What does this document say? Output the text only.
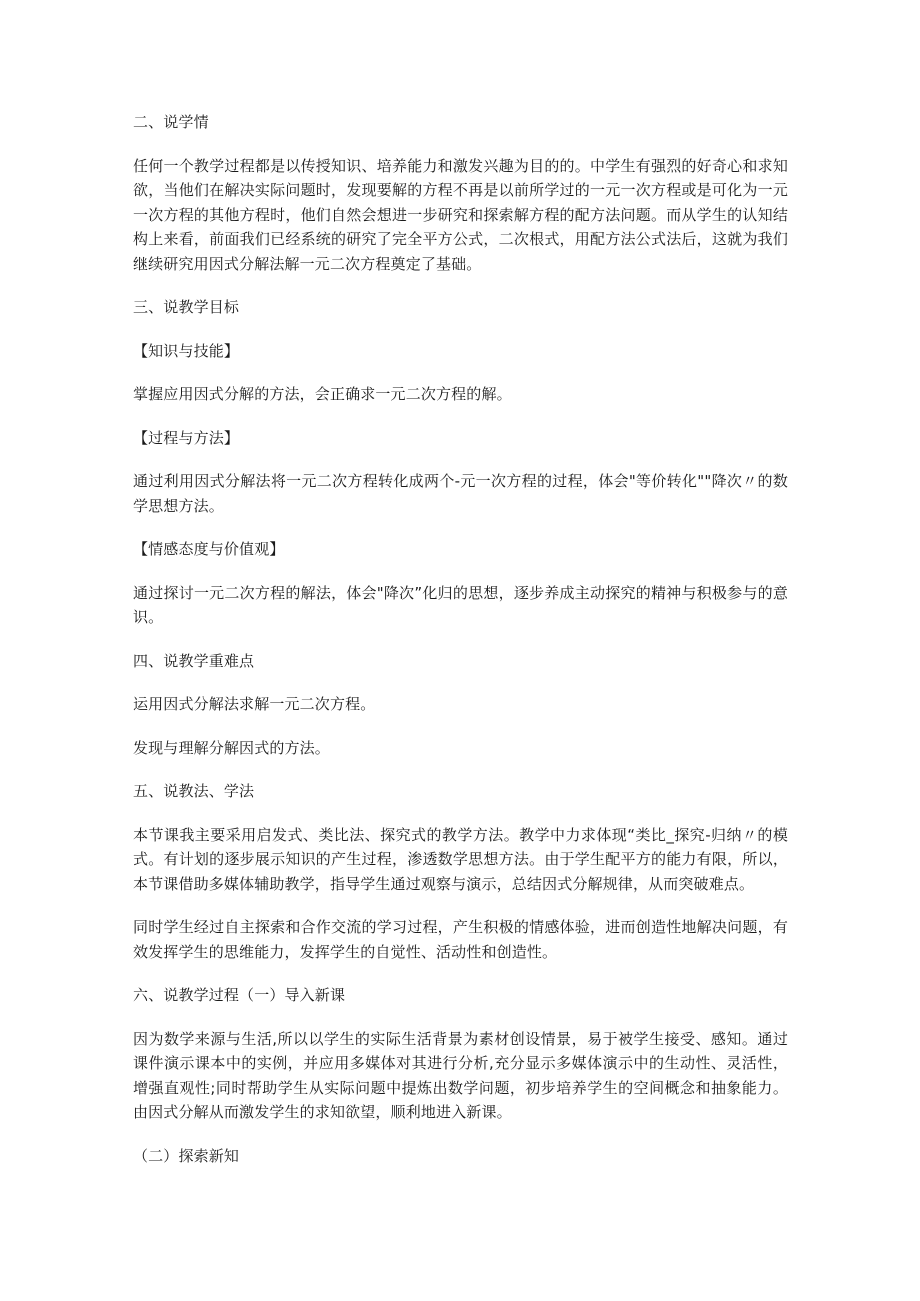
二、说学情

任何一个教学过程都是以传授知识、培养能力和激发兴趣为目的的。中学生有强烈的好奇心和求知欲，当他们在解决实际问题时，发现要解的方程不再是以前所学过的一元一次方程或是可化为一元一次方程的其他方程时，他们自然会想进一步研究和探索解方程的配方法问题。而从学生的认知结构上来看，前面我们已经系统的研究了完全平方公式，二次根式，用配方法公式法后，这就为我们继续研究用因式分解法解一元二次方程奠定了基础。

三、说教学目标

【知识与技能】

掌握应用因式分解的方法，会正确求一元二次方程的解。

【过程与方法】

通过利用因式分解法将一元二次方程转化成两个-元一次方程的过程，体会"等价转化""降次〃的数学思想方法。

【情感态度与价值观】

通过探讨一元二次方程的解法，体会"降次”化归的思想，逐步养成主动探究的精神与积极参与的意识。

四、说教学重难点

运用因式分解法求解一元二次方程。

发现与理解分解因式的方法。

五、说教法、学法

本节课我主要采用启发式、类比法、探究式的教学方法。教学中力求体现“类比_探究-归纳〃的模式。有计划的逐步展示知识的产生过程，渗透数学思想方法。由于学生配平方的能力有限，所以，本节课借助多媒体辅助教学，指导学生通过观察与演示，总结因式分解规律，从而突破难点。

同时学生经过自主探索和合作交流的学习过程，产生积极的情感体验，进而创造性地解决问题，有效发挥学生的思维能力，发挥学生的自觉性、活动性和创造性。

六、说教学过程（一）导入新课

因为数学来源与生活,所以以学生的实际生活背景为素材创设情景，易于被学生接受、感知。通过课件演示课本中的实例，并应用多媒体对其进行分析,充分显示多媒体演示中的生动性、灵活性，增强直观性;同时帮助学生从实际问题中提炼出数学问题，初步培养学生的空间概念和抽象能力。由因式分解从而激发学生的求知欲望，顺利地进入新课。

（二）探索新知
